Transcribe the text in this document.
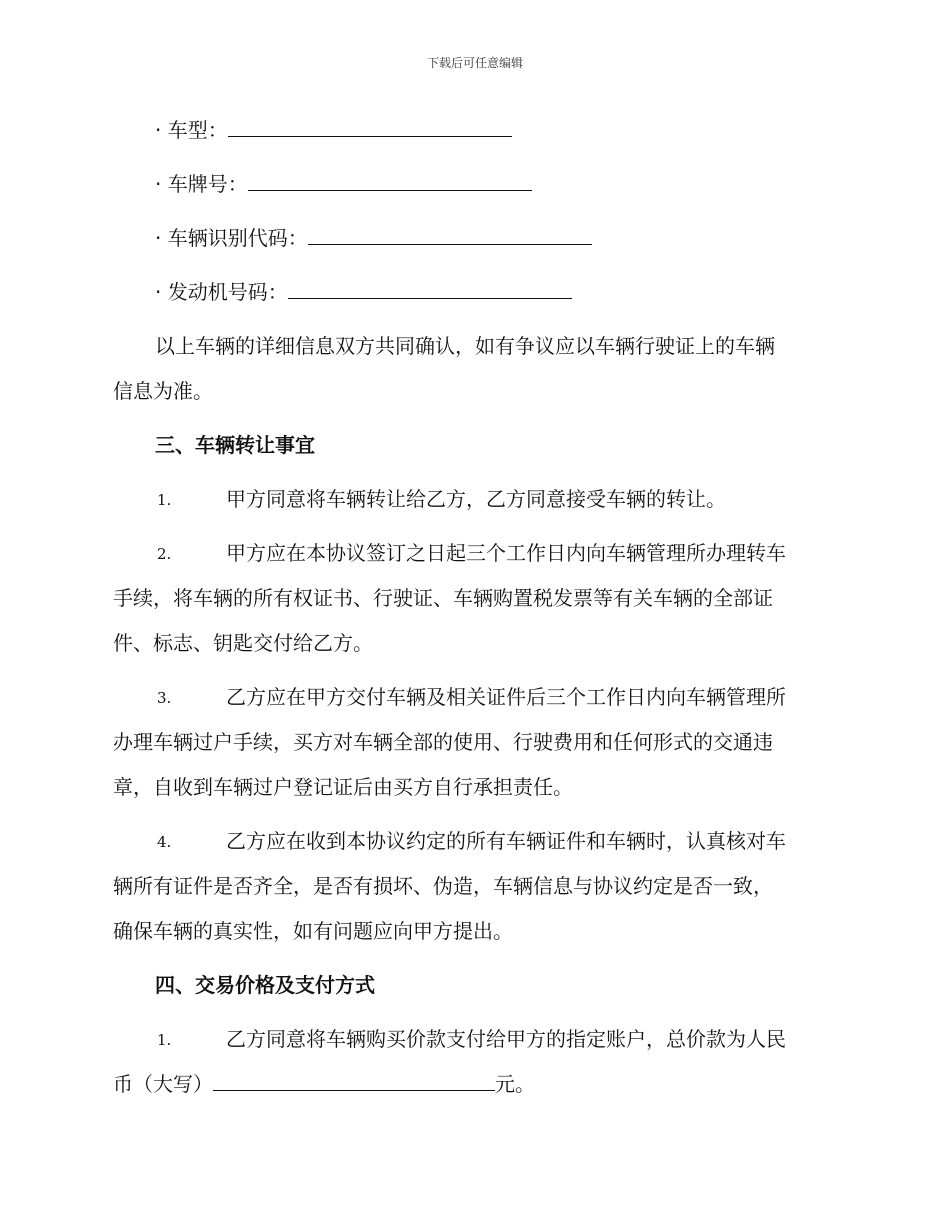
下载后可任意编辑
· 车型：
· 车牌号：
· 车辆识别代码：
· 发动机号码：
以上车辆的详细信息双方共同确认，如有争议应以车辆行驶证上的车辆
信息为准。
三、车辆转让事宜
1.	甲方同意将车辆转让给乙方，乙方同意接受车辆的转让。
2.	甲方应在本协议签订之日起三个工作日内向车辆管理所办理转车
手续，将车辆的所有权证书、行驶证、车辆购置税发票等有关车辆的全部证
件、标志、钥匙交付给乙方。
3.	乙方应在甲方交付车辆及相关证件后三个工作日内向车辆管理所
办理车辆过户手续，买方对车辆全部的使用、行驶费用和任何形式的交通违
章，自收到车辆过户登记证后由买方自行承担责任。
4.	乙方应在收到本协议约定的所有车辆证件和车辆时，认真核对车
辆所有证件是否齐全，是否有损坏、伪造，车辆信息与协议约定是否一致，
确保车辆的真实性，如有问题应向甲方提出。
四、交易价格及支付方式
1.	乙方同意将车辆购买价款支付给甲方的指定账户，总价款为人民
币（大写）	元。
